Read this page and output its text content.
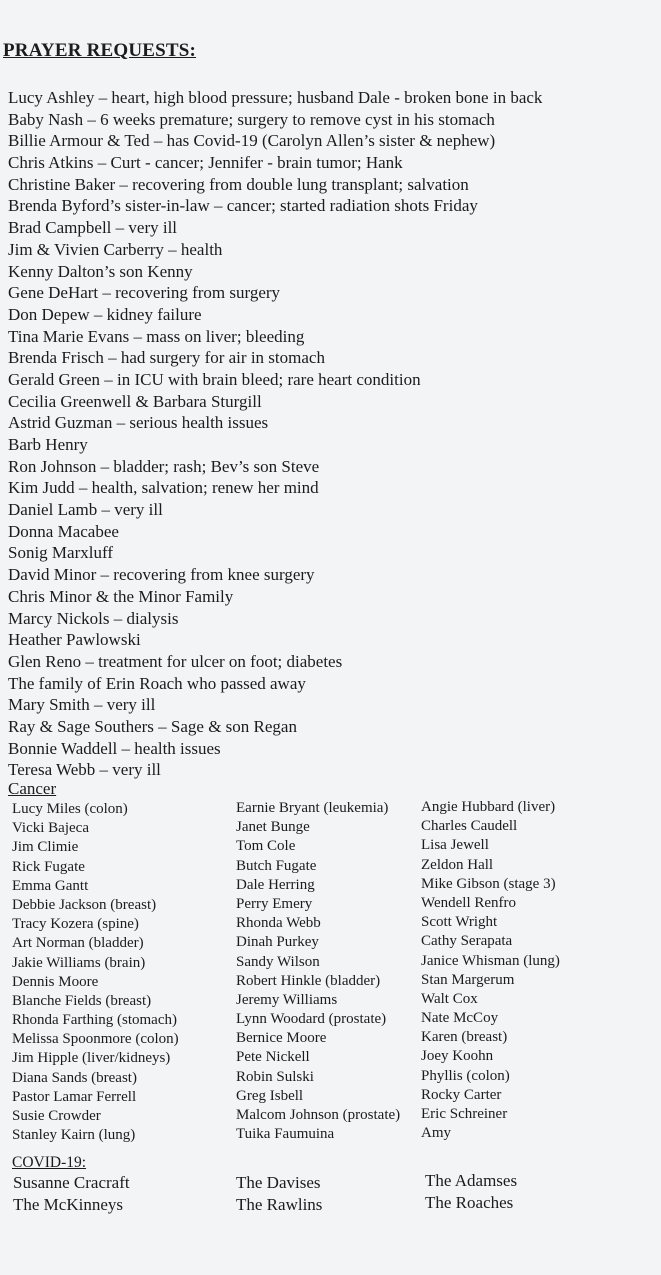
PRAYER REQUESTS:
Lucy Ashley – heart, high blood pressure; husband Dale - broken bone in back
Baby Nash – 6 weeks premature; surgery to remove cyst in his stomach
Billie Armour & Ted – has Covid-19 (Carolyn Allen’s sister & nephew)
Chris Atkins – Curt - cancer; Jennifer - brain tumor; Hank
Christine Baker – recovering from double lung transplant; salvation
Brenda Byford’s sister-in-law – cancer; started radiation shots Friday
Brad Campbell – very ill
Jim & Vivien Carberry – health
Kenny Dalton’s son Kenny
Gene DeHart – recovering from surgery
Don Depew – kidney failure
Tina Marie Evans – mass on liver; bleeding
Brenda Frisch – had surgery for air in stomach
Gerald Green – in ICU with brain bleed; rare heart condition
Cecilia Greenwell & Barbara Sturgill
Astrid Guzman – serious health issues
Barb Henry
Ron Johnson – bladder; rash; Bev’s son Steve
Kim Judd – health, salvation; renew her mind
Daniel Lamb – very ill
Donna Macabee
Sonig Marxluff
David Minor – recovering from knee surgery
Chris Minor & the Minor Family
Marcy Nickols – dialysis
Heather Pawlowski
Glen Reno – treatment for ulcer on foot; diabetes
The family of Erin Roach who passed away
Mary Smith – very ill
Ray & Sage Southers – Sage & son Regan
Bonnie Waddell – health issues
Teresa Webb – very ill
Cancer
Lucy Miles (colon)
Vicki Bajeca
Jim Climie
Rick Fugate
Emma Gantt
Debbie Jackson (breast)
Tracy Kozera (spine)
Art Norman (bladder)
Jakie Williams (brain)
Dennis Moore
Blanche Fields (breast)
Rhonda Farthing (stomach)
Melissa Spoonmore (colon)
Jim Hipple (liver/kidneys)
Diana Sands (breast)
Pastor Lamar Ferrell
Susie Crowder
Stanley Kairn (lung)
Earnie Bryant (leukemia)
Janet Bunge
Tom Cole
Butch Fugate
Dale Herring
Perry Emery
Rhonda Webb
Dinah Purkey
Sandy Wilson
Robert Hinkle (bladder)
Jeremy Williams
Lynn Woodard (prostate)
Bernice Moore
Pete Nickell
Robin Sulski
Greg Isbell
Malcom Johnson (prostate)
Tuika Faumuina
Angie Hubbard (liver)
Charles Caudell
Lisa Jewell
Zeldon Hall
Mike Gibson (stage 3)
Wendell Renfro
Scott Wright
Cathy Serapata
Janice Whisman (lung)
Stan Margerum
Walt Cox
Nate McCoy
Karen (breast)
Joey Koohn
Phyllis (colon)
Rocky Carter
Eric Schreiner
Amy
COVID-19:
Susanne Cracraft
The McKinneys
The Davises
The Rawlins
The Adamses
The Roaches
